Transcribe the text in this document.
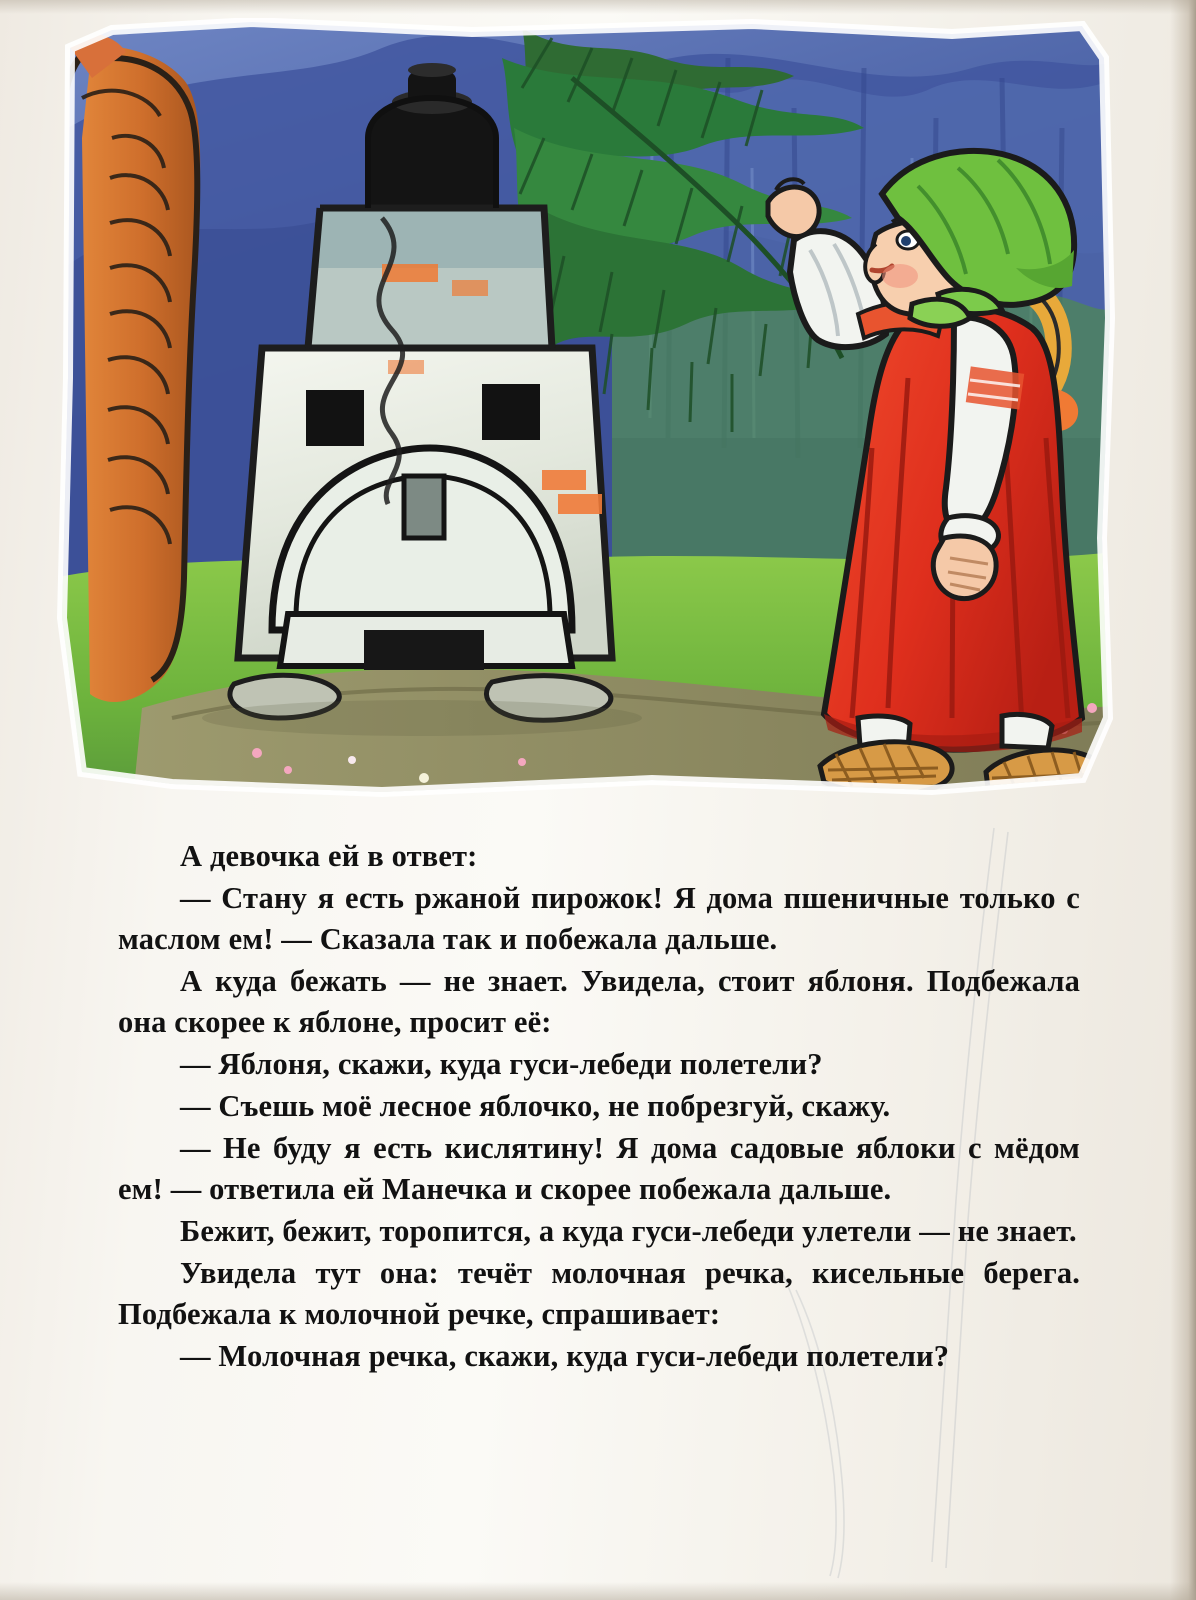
А девочка ей в ответ:

— Стану я есть ржаной пирожок! Я дома пшеничные только с маслом ем! — Сказала так и побежала дальше.

А куда бежать — не знает. Увидела, стоит яблоня. Подбежала она скорее к яблоне, просит её:

— Яблоня, скажи, куда гуси-лебеди полетели?

— Съешь моё лесное яблочко, не побрезгуй, скажу.

— Не буду я есть кислятину! Я дома садовые яблоки с мёдом ем! — ответила ей Манечка и скорее побежала дальше.

Бежит, бежит, торопится, а куда гуси-лебеди улетели — не знает.

Увидела тут она: течёт молочная речка, кисельные берега. Подбежала к молочной речке, спрашивает:

— Молочная речка, скажи, куда гуси-лебеди полетели?
